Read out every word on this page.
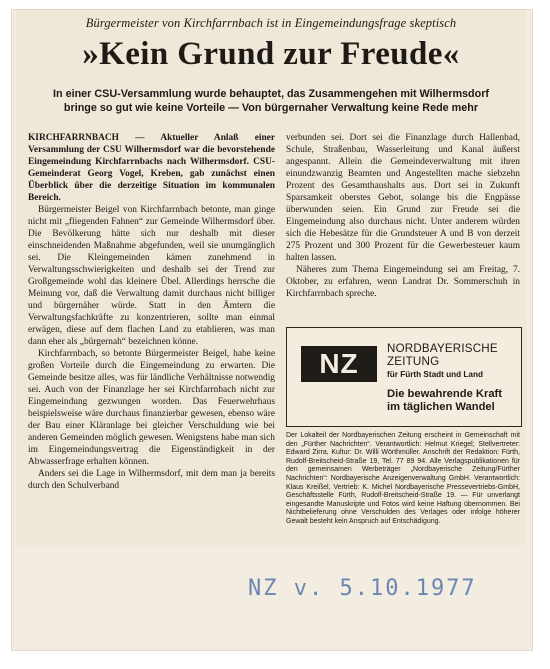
Bürgermeister von Kirchfarrnbach ist in Eingemeindungsfrage skeptisch
»Kein Grund zur Freude«
In einer CSU-Versammlung wurde behauptet, das Zusammengehen mit Wilhermsdorf
bringe so gut wie keine Vorteile — Von bürgernaher Verwaltung keine Rede mehr

KIRCHFARRNBACH — Aktueller Anlaß einer Versammlung der CSU Wilhermsdorf war die bevorstehende Eingemeindung Kirchfarrnbachs nach Wilhermsdorf. CSU-Gemeinderat Georg Vogel, Kreben, gab zunächst einen Überblick über die derzeitige Situation im kommunalen Bereich.

Bürgermeister Beigel von Kirchfarrnbach betonte, man ginge nicht mit „fliegenden Fahnen“ zur Gemeinde Wilhermsdorf über. Die Bevölkerung hätte sich nur deshalb mit dieser einschneidenden Maßnahme abgefunden, weil sie unumgänglich sei. Die Kleingemeinden kämen zunehmend in Verwaltungsschwierigkeiten und deshalb sei der Trend zur Großgemeinde wohl das kleinere Übel. Allerdings herrsche die Meinung vor, daß die Verwaltung damit durchaus nicht billiger und bürgernäher würde. Statt in den Ämtern die Verwaltungsfachkräfte zu konzentrieren, sollte man einmal erwägen, diese auf dem flachen Land zu etablieren, was man dann eher als „bürgernah“ bezeichnen könne.

Kirchfarrnbach, so betonte Bürgermeister Beigel, habe keine großen Vorteile durch die Eingemeindung zu erwarten. Die Gemeinde besitze alles, was für ländliche Verhältnisse notwendig sei. Auch von der Finanzlage her sei Kirchfarrnbach nicht zur Eingemeindung gezwungen worden. Das Feuerwehrhaus beispielsweise wäre durchaus finanzierbar gewesen, ebenso wäre der Bau einer Kläranlage bei gleicher Verschuldung wie bei anderen Gemeinden möglich gewesen. Wenigstens habe man sich im Eingemeindungsvertrag die Eigenständigkeit in der Abwasserfrage erhalten können.

Anders sei die Lage in Wilhermsdorf, mit dem man ja bereits durch den Schulverband

verbunden sei. Dort sei die Finanzlage durch Hallenbad, Schule, Straßenbau, Wasserleitung und Kanal äußerst angespannt. Allein die Gemeindeverwaltung mit ihren einundzwanzig Beamten und Angestellten mache siebzehn Prozent des Gesamthaushalts aus. Dort sei in Zukunft Sparsamkeit oberstes Gebot, solange bis die Engpässe überwunden seien. Ein Grund zur Freude sei die Eingemeindung also durchaus nicht. Unter anderem würden sich die Hebesätze für die Grundsteuer A und B von derzeit 275 Prozent und 300 Prozent für die Gewerbesteuer kaum halten lassen.

Näheres zum Thema Eingemeindung sei am Freitag, 7. Oktober, zu erfahren, wenn Landrat Dr. Sommerschuh in Kirchfarrnbach spreche.

NZ	NORDBAYERISCHE
ZEITUNG
für Fürth Stadt und Land
Die bewahrende Kraft
im täglichen Wandel
Der Lokalteil der Nordbayerischen Zeitung erscheint in Gemeinschaft mit den „Fürther Nachrichten“. Verantwortlich: Helmut Kriegel; Stellvertreter: Edward Zirra, Kultur: Dr. Willi Wörthmüller. Anschrift der Redaktion: Fürth, Rudolf-Breitscheid-Straße 19, Tel. 77 89 94. Alle Verlagspublikationen für den gemeinsamen Werbeträger „Nordbayerische Zeitung/Fürther Nachrichten“: Nordbayerische Anzeigenverwaltung GmbH. Verantwortlich: Klaus Kreißel, Vertrieb: K. Michel Nordbayerische Pressevertriebs-GmbH, Geschäftsstelle Fürth, Rudolf-Breitscheid-Straße 19. — Für unverlangt eingesandte Manuskripte und Fotos wird keine Haftung übernommen. Bei Nichtbelieferung ohne Verschulden des Verlages oder infolge höherer Gewalt besteht kein Anspruch auf Entschädigung.
NZ v. 5.10.1977
